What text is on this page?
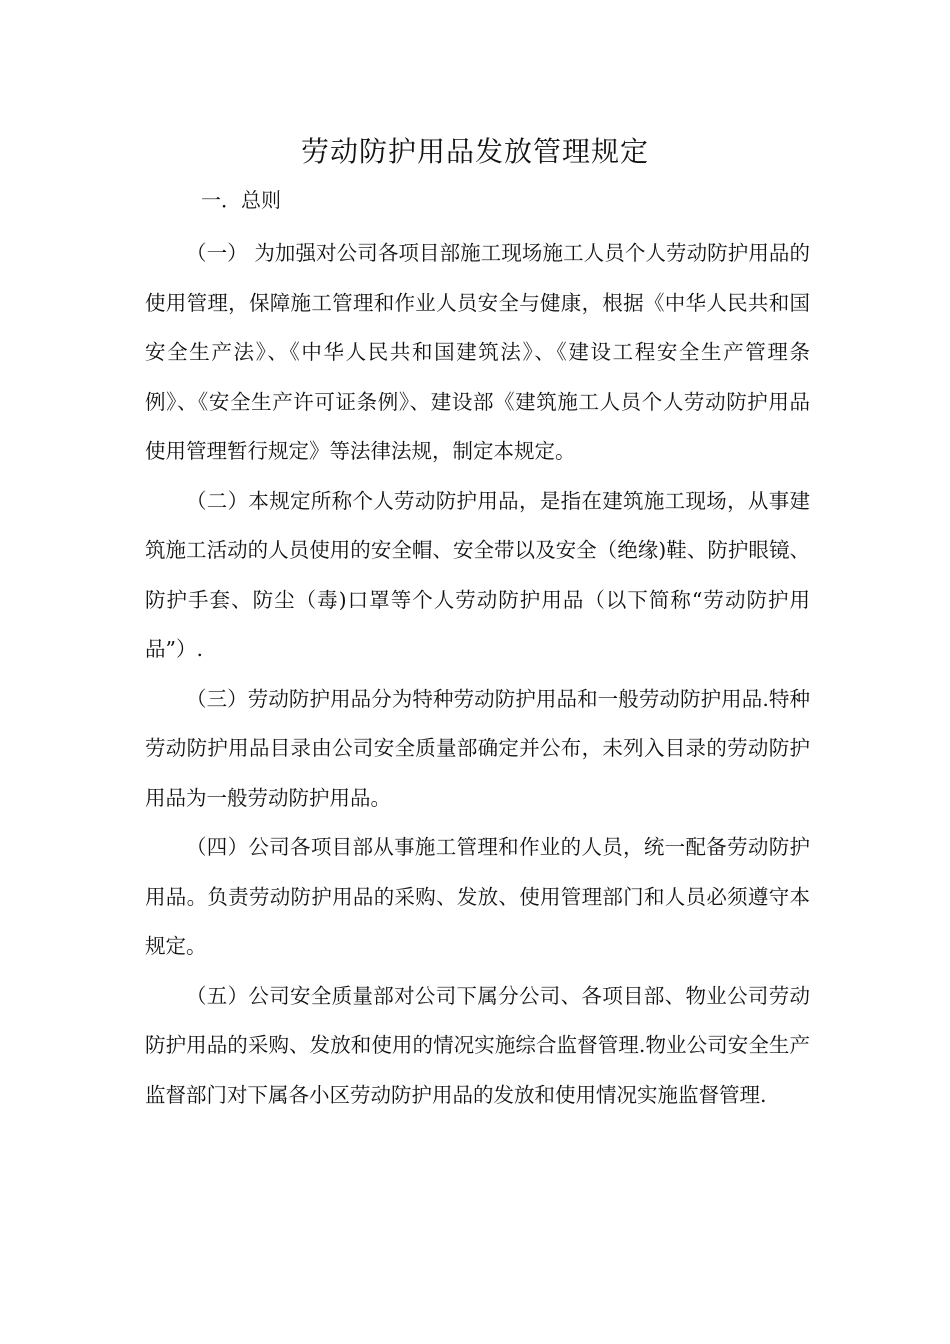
劳动防护用品发放管理规定
一．总则

（一） 为加强对公司各项目部施工现场施工人员个人劳动防护用品的使用管理，保障施工管理和作业人员安全与健康，根据《中华人民共和国安全生产法》、《中华人民共和国建筑法》、《建设工程安全生产管理条例》、《安全生产许可证条例》、建设部《建筑施工人员个人劳动防护用品使用管理暂行规定》等法律法规，制定本规定。

（二）本规定所称个人劳动防护用品，是指在建筑施工现场，从事建筑施工活动的人员使用的安全帽、安全带以及安全（绝缘)鞋、防护眼镜、防护手套、防尘（毒)口罩等个人劳动防护用品（以下简称“劳动防护用品”）.

（三）劳动防护用品分为特种劳动防护用品和一般劳动防护用品.特种劳动防护用品目录由公司安全质量部确定并公布，未列入目录的劳动防护用品为一般劳动防护用品。

（四）公司各项目部从事施工管理和作业的人员，统一配备劳动防护用品。负责劳动防护用品的采购、发放、使用管理部门和人员必须遵守本规定。

（五）公司安全质量部对公司下属分公司、各项目部、物业公司劳动防护用品的采购、发放和使用的情况实施综合监督管理.物业公司安全生产监督部门对下属各小区劳动防护用品的发放和使用情况实施监督管理.
